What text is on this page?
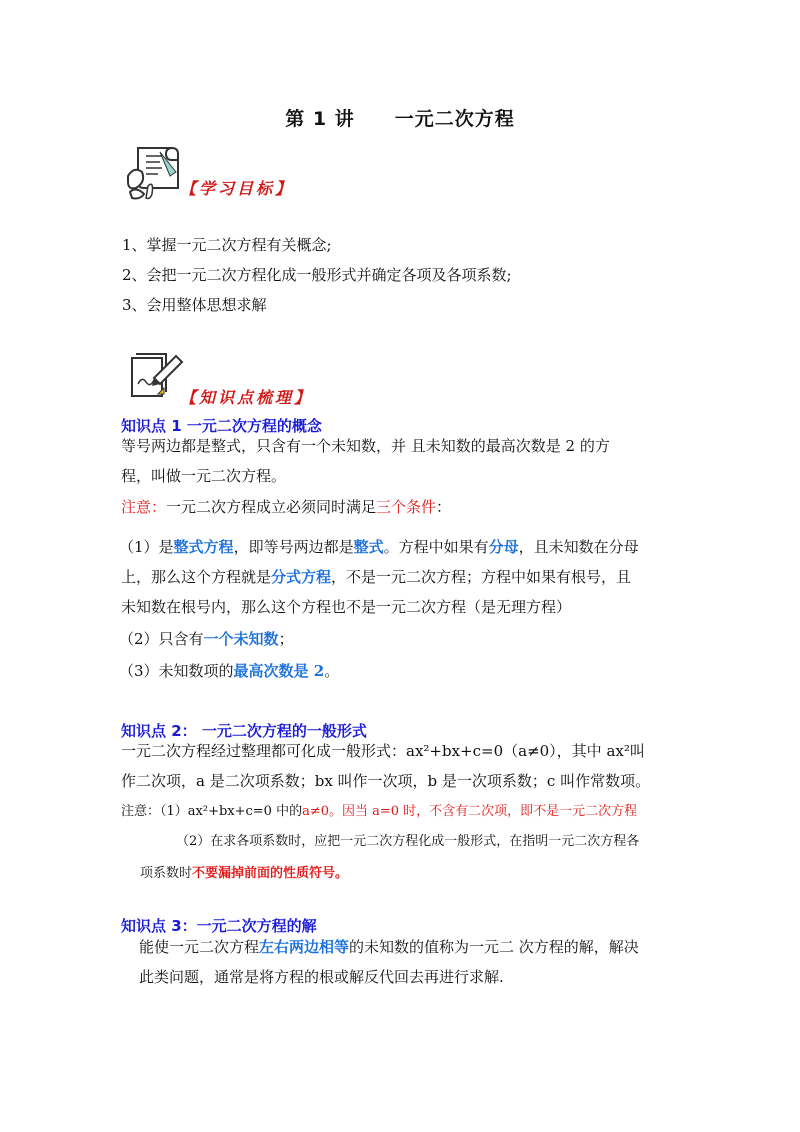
第 1 讲 一元二次方程
【学习目标】
1、掌握一元二次方程有关概念;
2、会把一元二次方程化成一般形式并确定各项及各项系数;
3、会用整体思想求解
【知识点梳理】
知识点 1 一元二次方程的概念
等号两边都是整式，只含有一个未知数，并 且未知数的最高次数是 2 的方
程，叫做一元二次方程。
注意：一元二次方程成立必须同时满足三个条件：
（1）是整式方程，即等号两边都是整式。方程中如果有分母，且未知数在分母
上，那么这个方程就是分式方程，不是一元二次方程；方程中如果有根号，且
未知数在根号内，那么这个方程也不是一元二次方程（是无理方程）
（2）只含有一个未知数；
（3）未知数项的最高次数是 2。
知识点 2： 一元二次方程的一般形式
一元二次方程经过整理都可化成一般形式：ax²+bx+c=0（a≠0），其中 ax²叫
作二次项，a 是二次项系数；bx 叫作一次项，b 是一次项系数；c 叫作常数项。
注意：（1）ax²+bx+c=0 中的a≠0。因当 a=0 时，不含有二次项，即不是一元二次方程
（2）在求各项系数时，应把一元二次方程化成一般形式，在指明一元二次方程各
项系数时不要漏掉前面的性质符号。
知识点 3：一元二次方程的解
能使一元二次方程左右两边相等的未知数的值称为一元二 次方程的解，解决
此类问题，通常是将方程的根或解反代回去再进行求解.
